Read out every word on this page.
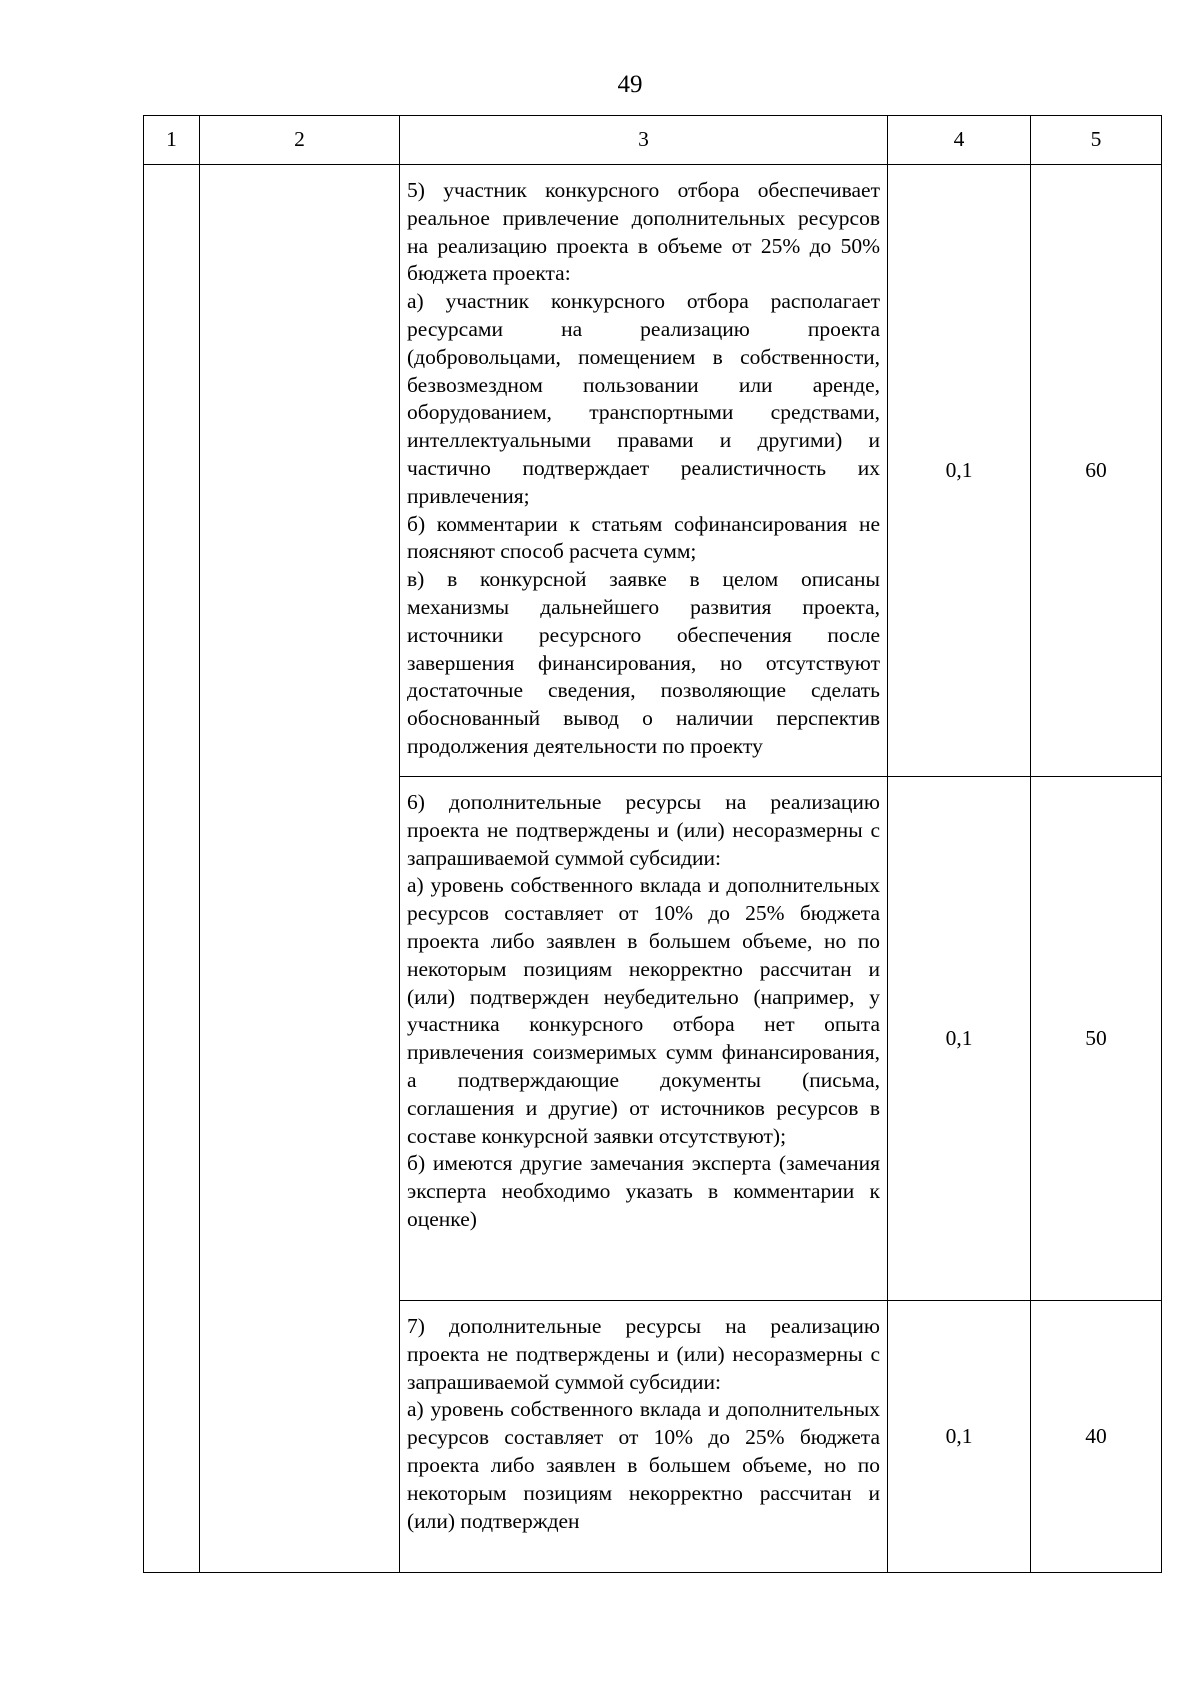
49
1	2	3	4	5

		5) участник конкурсного отбора обеспечивает реальное привлечение дополнительных ресурсов на реализацию проекта в объеме от 25% до 50% бюджета проекта:
а) участник конкурсного отбора располагает ресурсами на реализацию проекта (добровольцами, помещением в собственности, безвозмездном пользовании или аренде, оборудованием, транспортными средствами, интеллектуальными правами и другими) и частично подтверждает реалистичность их привлечения;
б) комментарии к статьям софинансирования не поясняют способ расчета сумм;
в) в конкурсной заявке в целом описаны механизмы дальнейшего развития проекта, источники ресурсного обеспечения после завершения финансирования, но отсутствуют достаточные сведения, позволяющие сделать обоснованный вывод о наличии перспектив продолжения деятельности по проекту	0,1	60

		6) дополнительные ресурсы на реализацию проекта не подтверждены и (или) несоразмерны с запрашиваемой суммой субсидии:
а) уровень собственного вклада и дополнительных ресурсов составляет от 10% до 25% бюджета проекта либо заявлен в большем объеме, но по некоторым позициям некорректно рассчитан и (или) подтвержден неубедительно (например, у участника конкурсного отбора нет опыта привлечения соизмеримых сумм финансирования, а подтверждающие документы (письма, соглашения и другие) от источников ресурсов в составе конкурсной заявки отсутствуют);
б) имеются другие замечания эксперта (замечания эксперта необходимо указать в комментарии к оценке)	0,1	50

		7) дополнительные ресурсы на реализацию проекта не подтверждены и (или) несоразмерны с запрашиваемой суммой субсидии:
а) уровень собственного вклада и дополнительных ресурсов составляет от 10% до 25% бюджета проекта либо заявлен в большем объеме, но по некоторым позициям некорректно рассчитан и (или) подтвержден	0,1	40
